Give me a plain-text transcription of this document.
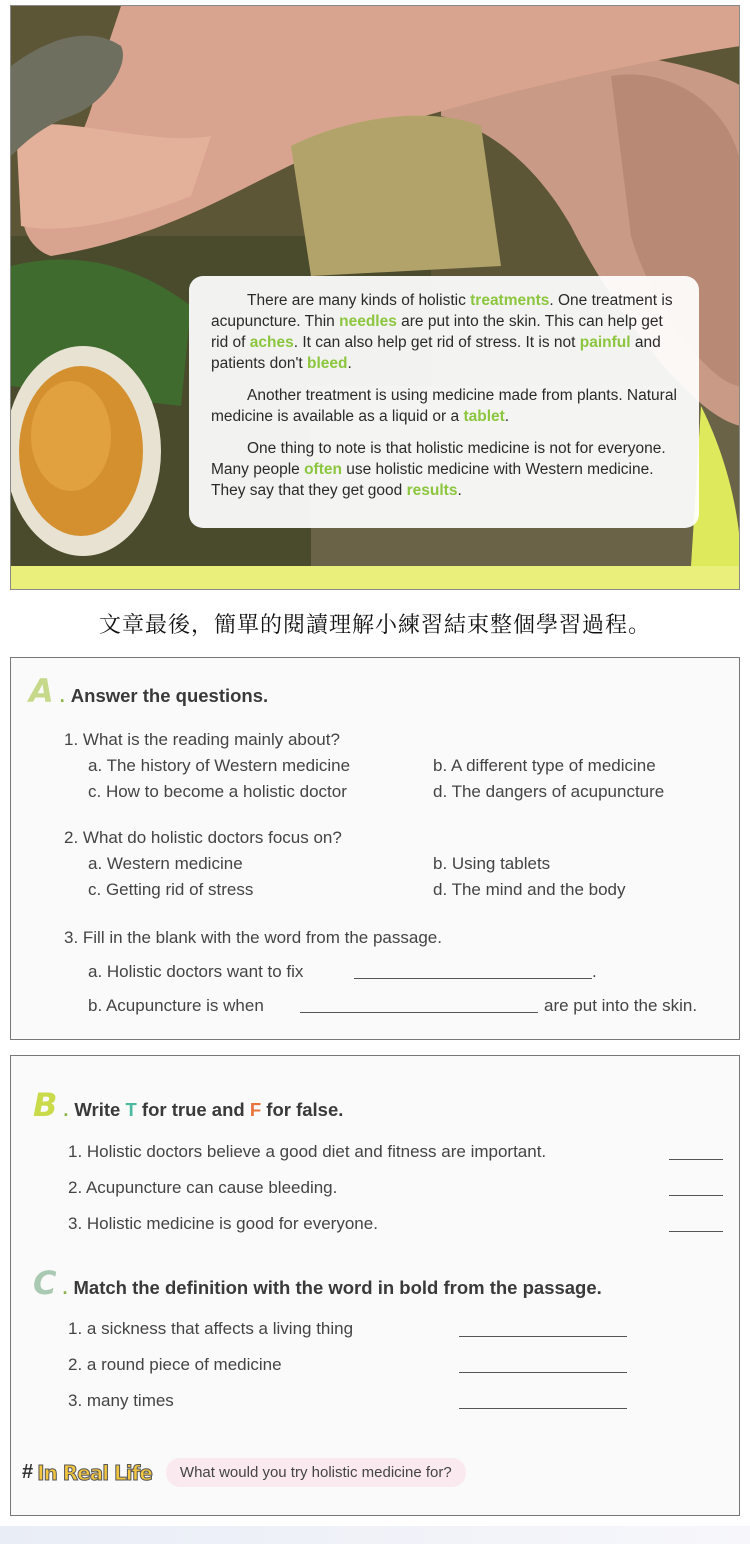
There are many kinds of holistic treatments. One treatment is acupuncture. Thin needles are put into the skin. This can help get rid of aches. It can also help get rid of stress. It is not painful and patients don't bleed.

Another treatment is using medicine made from plants. Natural medicine is available as a liquid or a tablet.

One thing to note is that holistic medicine is not for everyone. Many people often use holistic medicine with Western medicine. They say that they get good results.

文章最後，簡單的閱讀理解小練習結束整個學習過程。
A . Answer the questions.
1. What is the reading mainly about?
a. The history of Western medicine	b. A different type of medicine
c. How to become a holistic doctor	d. The dangers of acupuncture
2. What do holistic doctors focus on?
a. Western medicine	b. Using tablets
c. Getting rid of stress	d. The mind and the body
3. Fill in the blank with the word from the passage.
a. Holistic doctors want to fix	.
b. Acupuncture is when	are put into the skin.
B . Write T for true and F for false.
1. Holistic doctors believe a good diet and fitness are important.
2. Acupuncture can cause bleeding.
3. Holistic medicine is good for everyone.
C . Match the definition with the word in bold from the passage.
1. a sickness that affects a living thing
2. a round piece of medicine
3. many times
# In Real Life	What would you try holistic medicine for?
